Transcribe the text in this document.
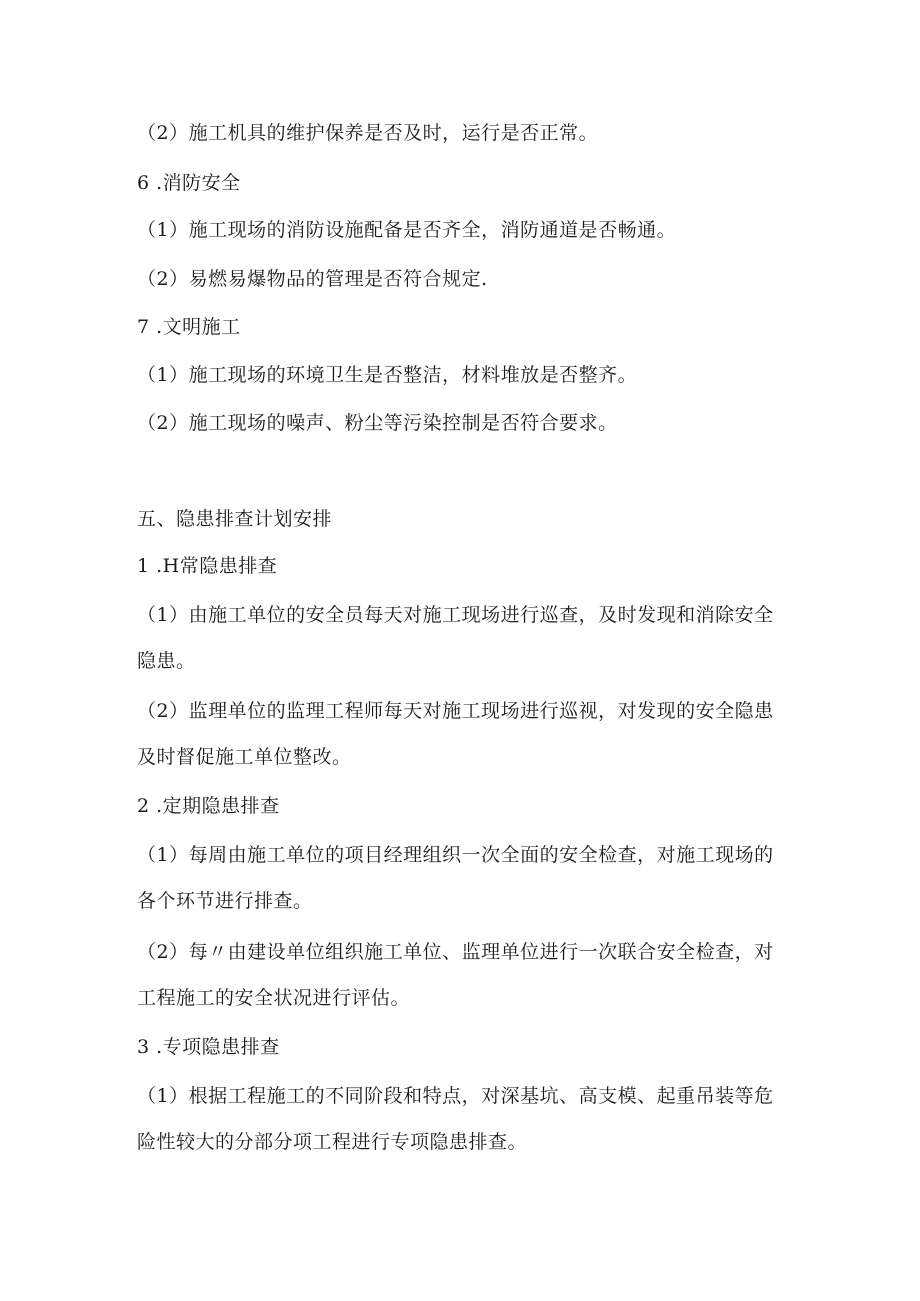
（2）施工机具的维护保养是否及时，运行是否正常。
6 .消防安全
（1）施工现场的消防设施配备是否齐全，消防通道是否畅通。
（2）易燃易爆物品的管理是否符合规定.
7 .文明施工
（1）施工现场的环境卫生是否整洁，材料堆放是否整齐。
（2）施工现场的噪声、粉尘等污染控制是否符合要求。
五、隐患排查计划安排
1 .H常隐患排查
（1）由施工单位的安全员每天对施工现场进行巡查，及时发现和消除安全隐患。
（2）监理单位的监理工程师每天对施工现场进行巡视，对发现的安全隐患及时督促施工单位整改。
2 .定期隐患排查
（1）每周由施工单位的项目经理组织一次全面的安全检查，对施工现场的各个环节进行排查。
（2）每〃由建设单位组织施工单位、监理单位进行一次联合安全检查，对工程施工的安全状况进行评估。
3 .专项隐患排查
（1）根据工程施工的不同阶段和特点，对深基坑、高支模、起重吊装等危险性较大的分部分项工程进行专项隐患排查。
